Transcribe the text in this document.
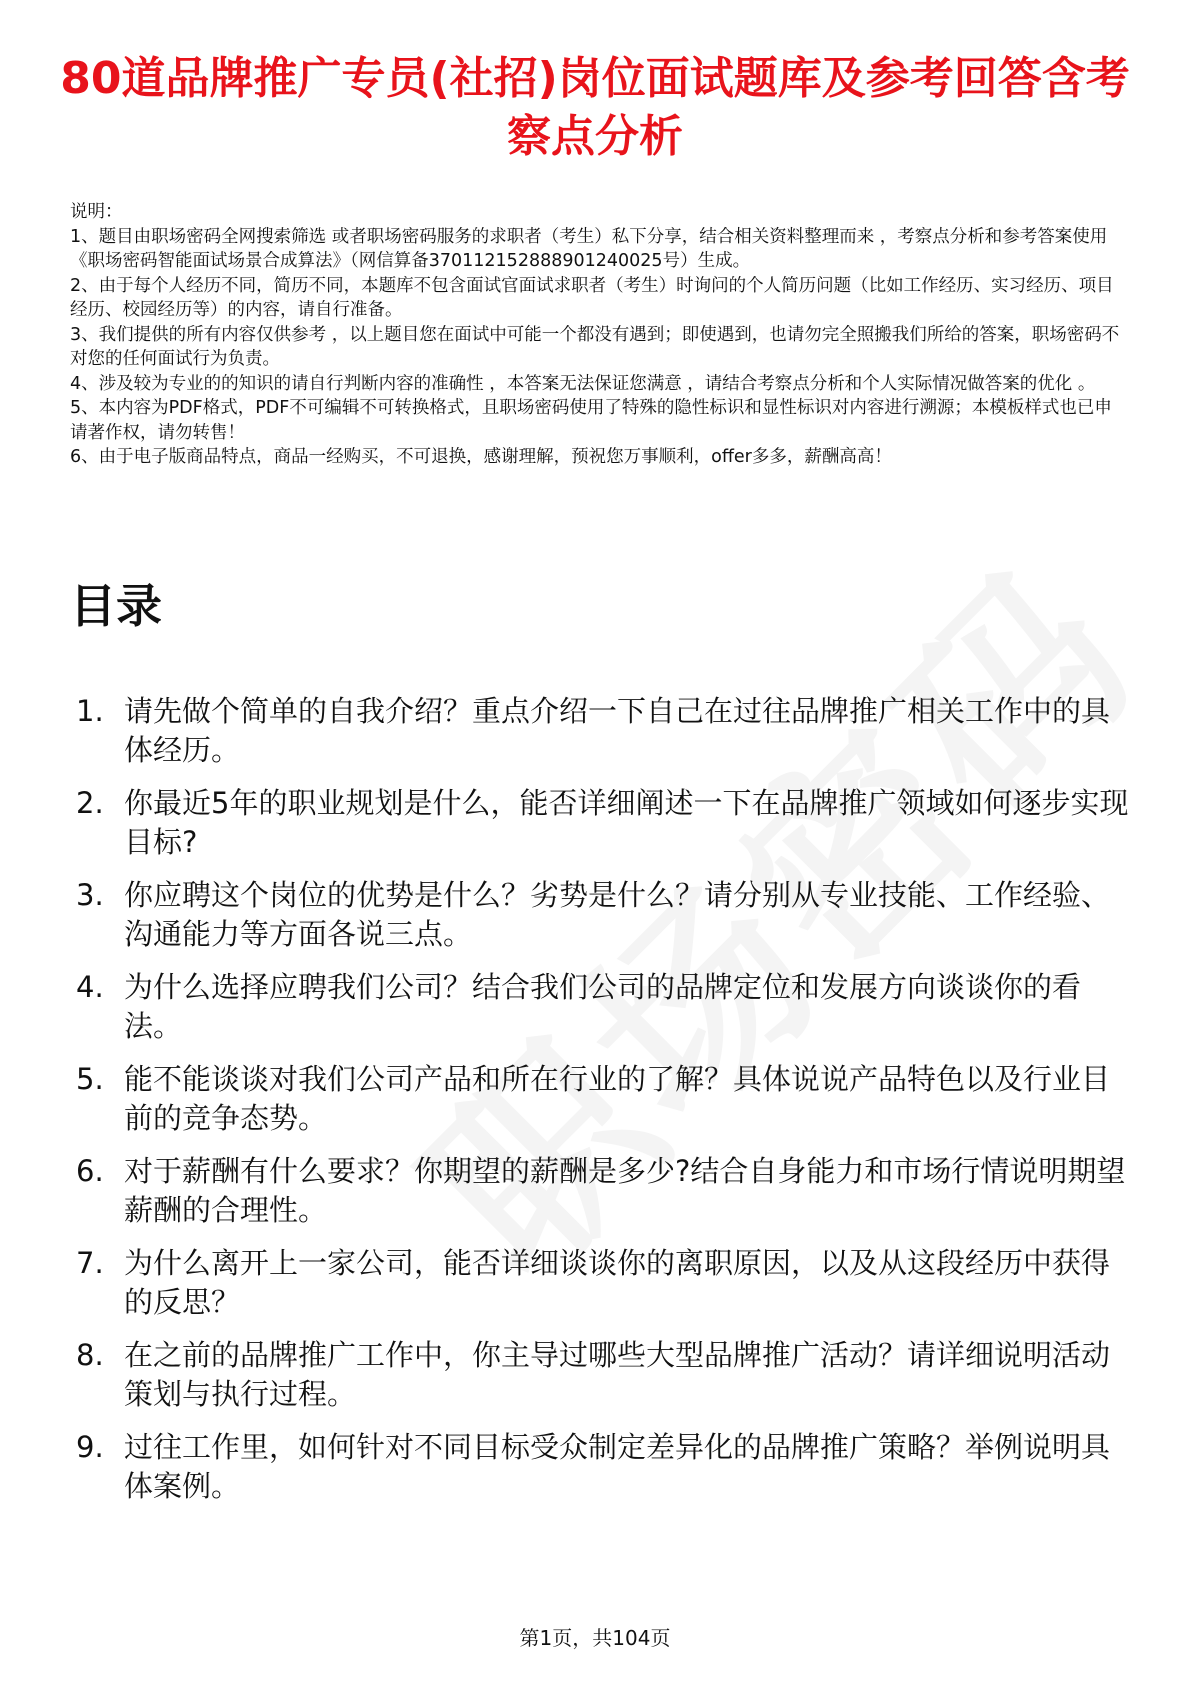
80道品牌推广专员(社招)岗位面试题库及参考回答含考察点分析

说明：

1、题目由职场密码全网搜索筛选 或者职场密码服务的求职者（考生）私下分享，结合相关资料整理而来 ，考察点分析和参考答案使用《职场密码智能面试场景合成算法》（网信算备370112152888901240025号）生成。

2、由于每个人经历不同，简历不同，本题库不包含面试官面试求职者（考生）时询问的个人简历问题（比如工作经历、实习经历、项目经历、校园经历等）的内容，请自行准备。

3、我们提供的所有内容仅供参考 ，以上题目您在面试中可能一个都没有遇到；即使遇到，也请勿完全照搬我们所给的答案，职场密码不对您的任何面试行为负责。

4、涉及较为专业的的知识的请自行判断内容的准确性 ，本答案无法保证您满意 ，请结合考察点分析和个人实际情况做答案的优化 。

5、本内容为PDF格式，PDF不可编辑不可转换格式，且职场密码使用了特殊的隐性标识和显性标识对内容进行溯源；本模板样式也已申请著作权，请勿转售！

6、由于电子版商品特点，商品一经购买，不可退换，感谢理解，预祝您万事顺利，offer多多，薪酬高高！

目录
1. 请先做个简单的自我介绍？重点介绍一下自己在过往品牌推广相关工作中的具体经历。
2. 你最近5年的职业规划是什么，能否详细阐述一下在品牌推广领域如何逐步实现目标?
3. 你应聘这个岗位的优势是什么？劣势是什么？请分别从专业技能、工作经验、沟通能力等方面各说三点。
4. 为什么选择应聘我们公司？结合我们公司的品牌定位和发展方向谈谈你的看法。
5. 能不能谈谈对我们公司产品和所在行业的了解？具体说说产品特色以及行业目前的竞争态势。
6. 对于薪酬有什么要求？你期望的薪酬是多少?结合自身能力和市场行情说明期望薪酬的合理性。
7. 为什么离开上一家公司，能否详细谈谈你的离职原因，以及从这段经历中获得的反思？
8. 在之前的品牌推广工作中，你主导过哪些大型品牌推广活动？请详细说明活动策划与执行过程。
9. 过往工作里，如何针对不同目标受众制定差异化的品牌推广策略？举例说明具体案例。
第1页，共104页
